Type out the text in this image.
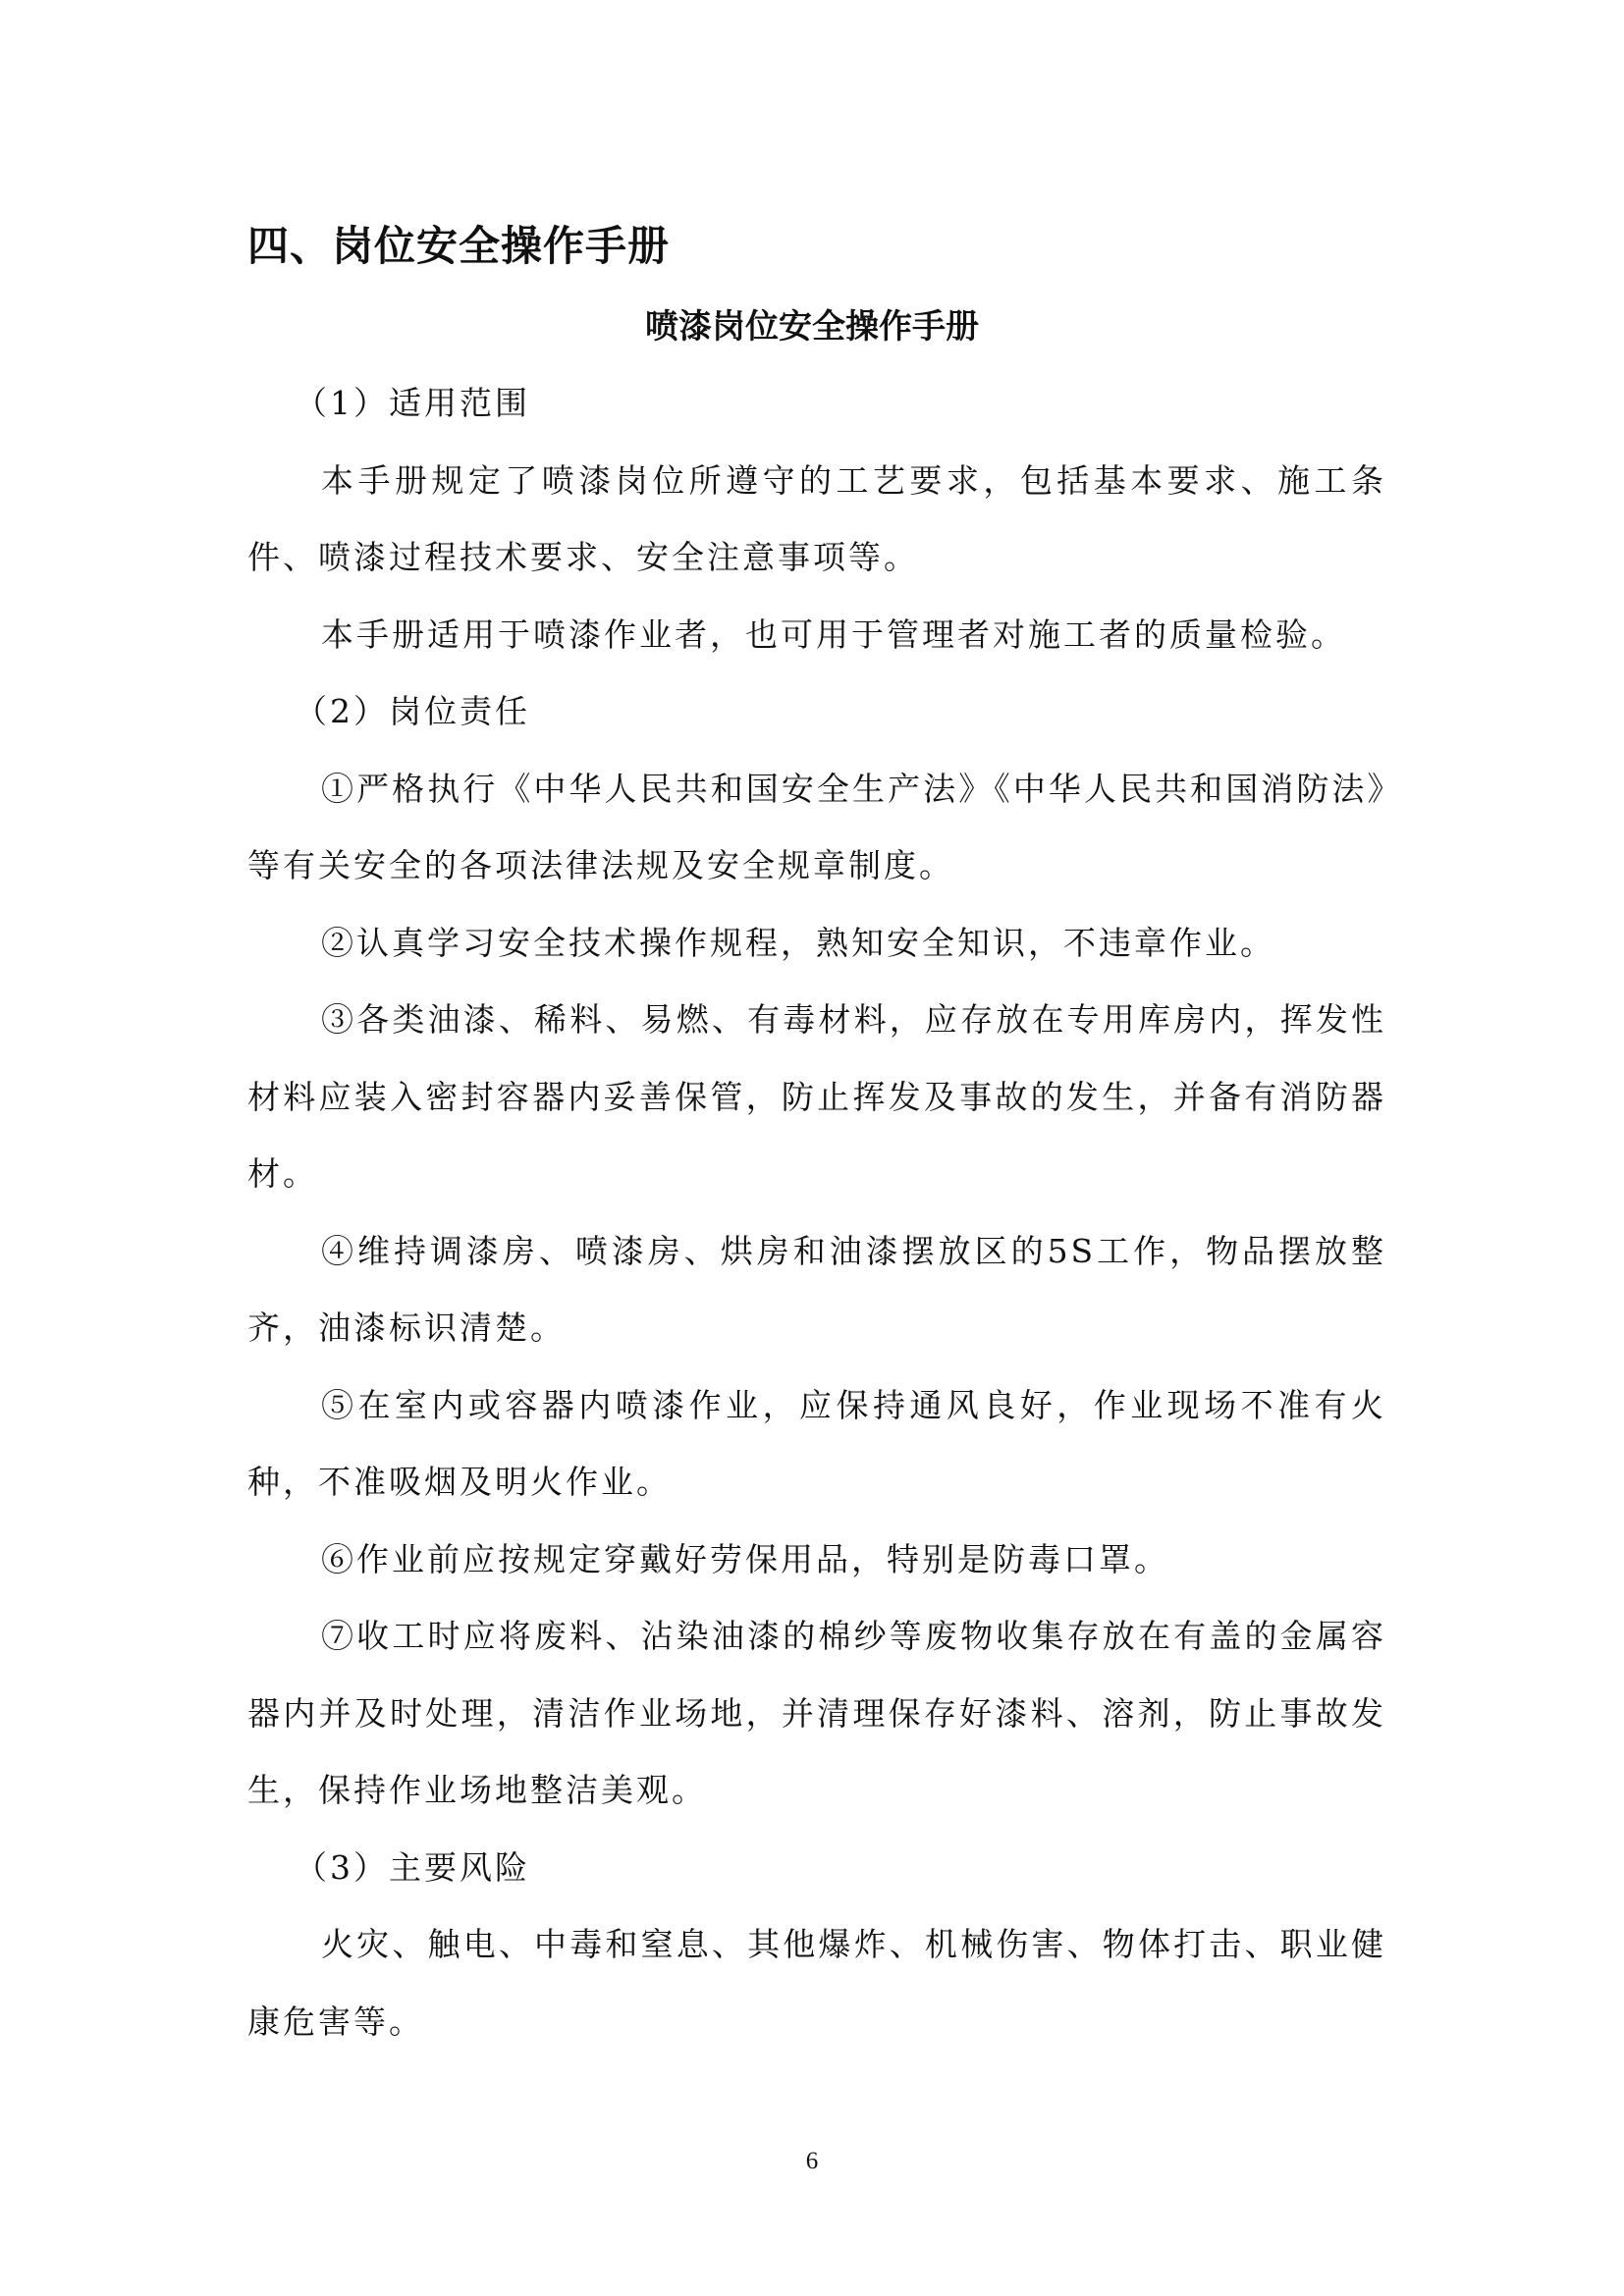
四、岗位安全操作手册
喷漆岗位安全操作手册

（1）适用范围

本手册规定了喷漆岗位所遵守的工艺要求，包括基本要求、施工条件、喷漆过程技术要求、安全注意事项等。

本手册适用于喷漆作业者，也可用于管理者对施工者的质量检验。

（2）岗位责任

①严格执行《中华人民共和国安全生产法》《中华人民共和国消防法》等有关安全的各项法律法规及安全规章制度。

②认真学习安全技术操作规程，熟知安全知识，不违章作业。

③各类油漆、稀料、易燃、有毒材料，应存放在专用库房内，挥发性材料应装入密封容器内妥善保管，防止挥发及事故的发生，并备有消防器材。

④维持调漆房、喷漆房、烘房和油漆摆放区的5S工作，物品摆放整齐，油漆标识清楚。

⑤在室内或容器内喷漆作业，应保持通风良好，作业现场不准有火种，不准吸烟及明火作业。

⑥作业前应按规定穿戴好劳保用品，特别是防毒口罩。

⑦收工时应将废料、沾染油漆的棉纱等废物收集存放在有盖的金属容器内并及时处理，清洁作业场地，并清理保存好漆料、溶剂，防止事故发生，保持作业场地整洁美观。

（3）主要风险

火灾、触电、中毒和窒息、其他爆炸、机械伤害、物体打击、职业健康危害等。

6
